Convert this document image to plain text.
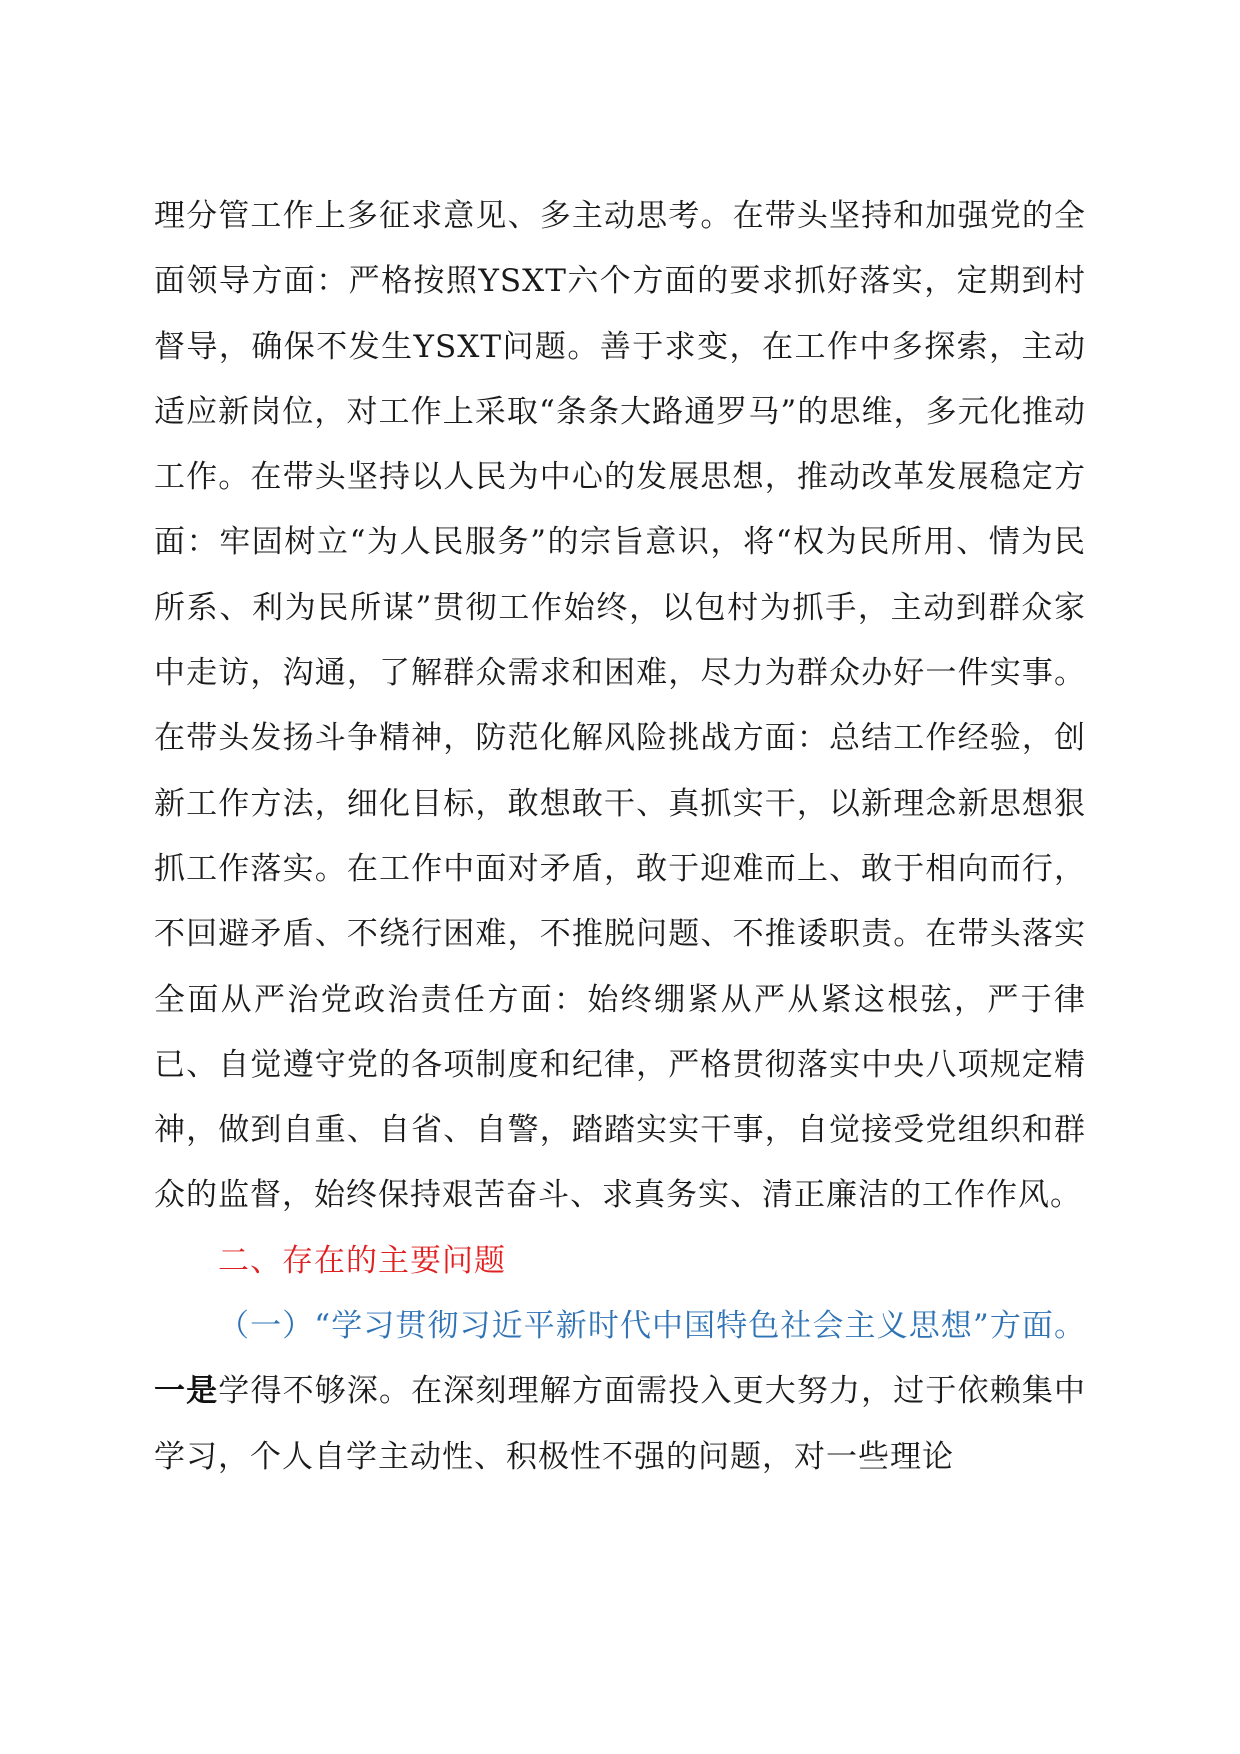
理分管工作上多征求意见、多主动思考。在带头坚持和加强党的全面领导方面：严格按照YSXT六个方面的要求抓好落实，定期到村督导，确保不发生YSXT问题。善于求变，在工作中多探索，主动适应新岗位，对工作上采取“条条大路通罗马”的思维，多元化推动工作。在带头坚持以人民为中心的发展思想，推动改革发展稳定方面：牢固树立“为人民服务”的宗旨意识，将“权为民所用、情为民所系、利为民所谋”贯彻工作始终，以包村为抓手，主动到群众家中走访，沟通，了解群众需求和困难，尽力为群众办好一件实事。在带头发扬斗争精神，防范化解风险挑战方面：总结工作经验，创新工作方法，细化目标，敢想敢干、真抓实干，以新理念新思想狠抓工作落实。在工作中面对矛盾，敢于迎难而上、敢于相向而行，不回避矛盾、不绕行困难，不推脱问题、不推诿职责。在带头落实全面从严治党政治责任方面：始终绷紧从严从紧这根弦，严于律已、自觉遵守党的各项制度和纪律，严格贯彻落实中央八项规定精神，做到自重、自省、自警，踏踏实实干事，自觉接受党组织和群众的监督，始终保持艰苦奋斗、求真务实、清正廉洁的工作作风。

二、存在的主要问题

（一）“学习贯彻习近平新时代中国特色社会主义思想”方面。一是学得不够深。在深刻理解方面需投入更大努力，过于依赖集中学习，个人自学主动性、积极性不强的问题，对一些理论
